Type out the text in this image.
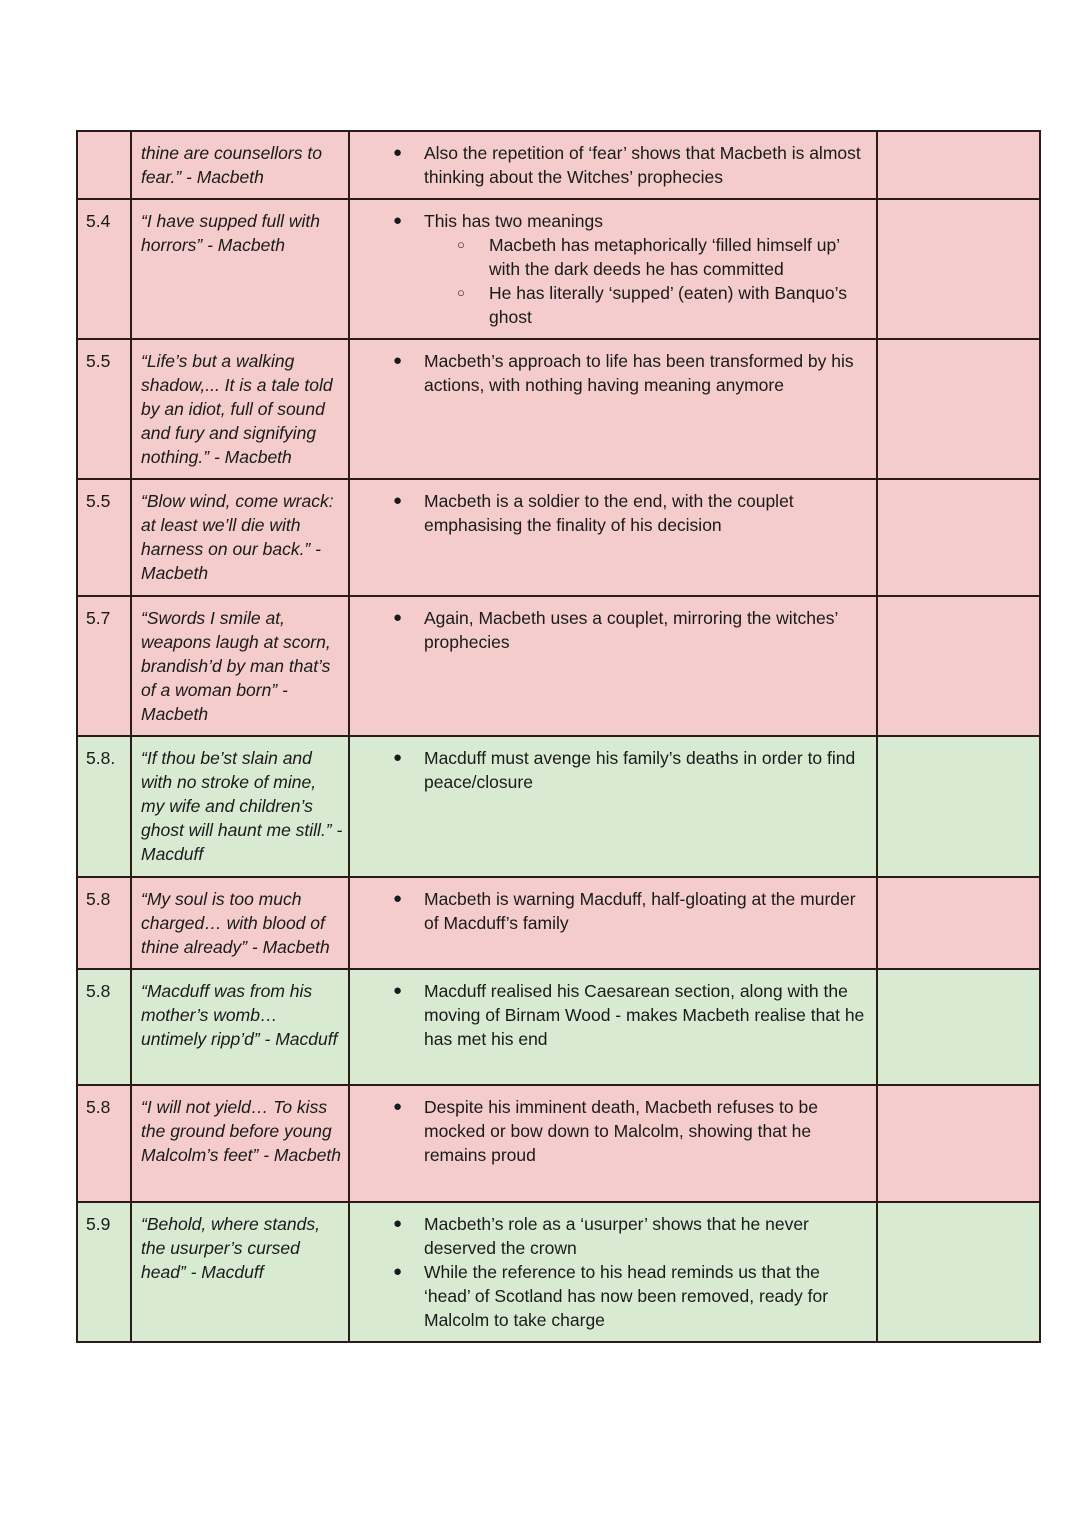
	thine are counsellors to fear.” - Macbeth	
● Also the repetition of ‘fear’ shows that Macbeth is almost thinking about the Witches’ prophecies

5.4	“I have supped full with horrors” - Macbeth	
● This has two meanings
○ Macbeth has metaphorically ‘filled himself up’ with the dark deeds he has committed
○ He has literally ‘supped’ (eaten) with Banquo’s ghost

5.5	“Life’s but a walking shadow,... It is a tale told by an idiot, full of sound and fury and signifying nothing.” - Macbeth	
● Macbeth’s approach to life has been transformed by his actions, with nothing having meaning anymore

5.5	“Blow wind, come wrack: at least we’ll die with harness on our back.” - Macbeth	
● Macbeth is a soldier to the end, with the couplet emphasising the finality of his decision

5.7	“Swords I smile at, weapons laugh at scorn, brandish’d by man that’s of a woman born” - Macbeth	
● Again, Macbeth uses a couplet, mirroring the witches’ prophecies

5.8.	“If thou be’st slain and with no stroke of mine, my wife and children’s ghost will haunt me still.” - Macduff	
● Macduff must avenge his family’s deaths in order to find peace/closure

5.8	“My soul is too much charged… with blood of thine already” - Macbeth	
● Macbeth is warning Macduff, half-gloating at the murder of Macduff’s family

5.8	“Macduff was from his mother’s womb… untimely ripp’d” - Macduff	
● Macduff realised his Caesarean section, along with the moving of Birnam Wood - makes Macbeth realise that he has met his end

5.8	“I will not yield… To kiss the ground before young Malcolm’s feet” - Macbeth	
● Despite his imminent death, Macbeth refuses to be mocked or bow down to Malcolm, showing that he remains proud

5.9	“Behold, where stands, the usurper’s cursed head” - Macduff	
● Macbeth’s role as a ‘usurper’ shows that he never deserved the crown
● While the reference to his head reminds us that the ‘head’ of Scotland has now been removed, ready for Malcolm to take charge
